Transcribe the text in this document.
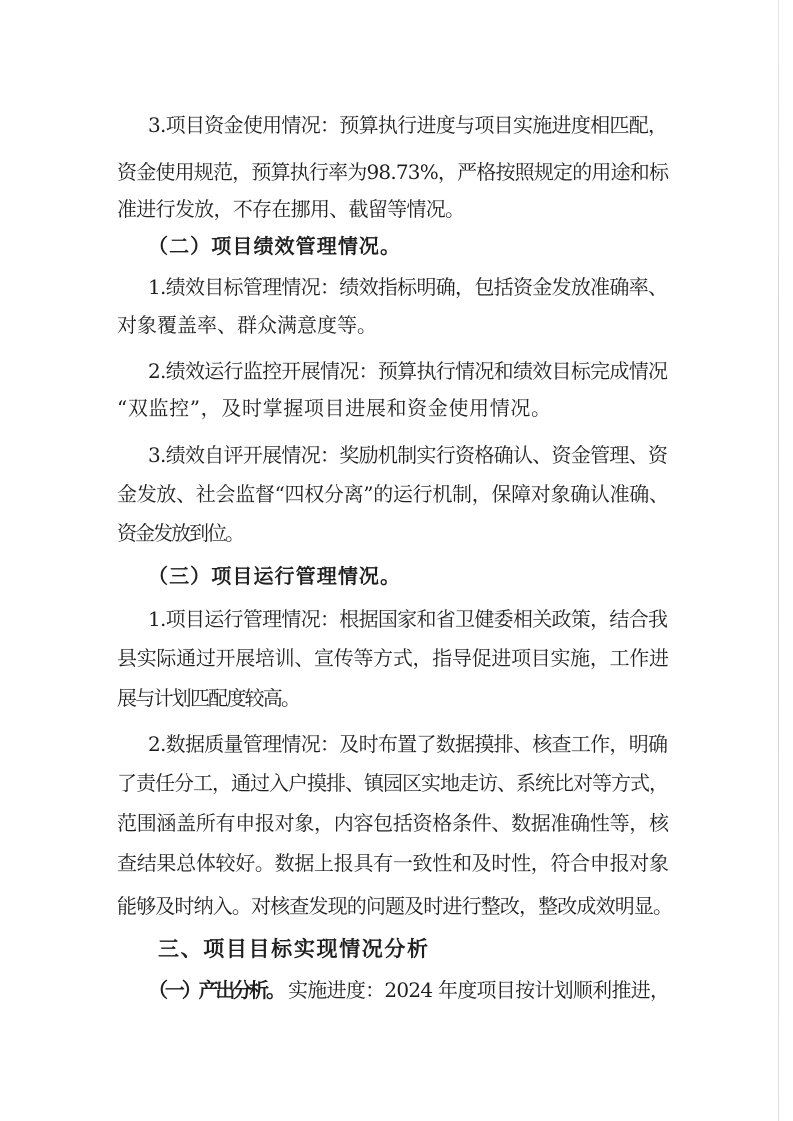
3.项目资金使用情况：预算执行进度与项目实施进度相匹配，
资金使用规范，预算执行率为98.73%，严格按照规定的用途和标
准进行发放，不存在挪用、截留等情况。
（二）项目绩效管理情况。
1.绩效目标管理情况：绩效指标明确，包括资金发放准确率、
对象覆盖率、群众满意度等。
2.绩效运行监控开展情况：预算执行情况和绩效目标完成情况
“双监控”，及时掌握项目进展和资金使用情况。
3.绩效自评开展情况：奖励机制实行资格确认、资金管理、资
金发放、社会监督“四权分离”的运行机制，保障对象确认准确、
资金发放到位。
（三）项目运行管理情况。
1.项目运行管理情况：根据国家和省卫健委相关政策，结合我
县实际通过开展培训、宣传等方式，指导促进项目实施，工作进
展与计划匹配度较高。
2.数据质量管理情况：及时布置了数据摸排、核查工作，明确
了责任分工，通过入户摸排、镇园区实地走访、系统比对等方式，
范围涵盖所有申报对象，内容包括资格条件、数据准确性等，核
查结果总体较好。数据上报具有一致性和及时性，符合申报对象
能够及时纳入。对核查发现的问题及时进行整改，整改成效明显。
三、项目目标实现情况分析
（一）产出分析。 实施进度：2024 年度项目按计划顺利推进，
